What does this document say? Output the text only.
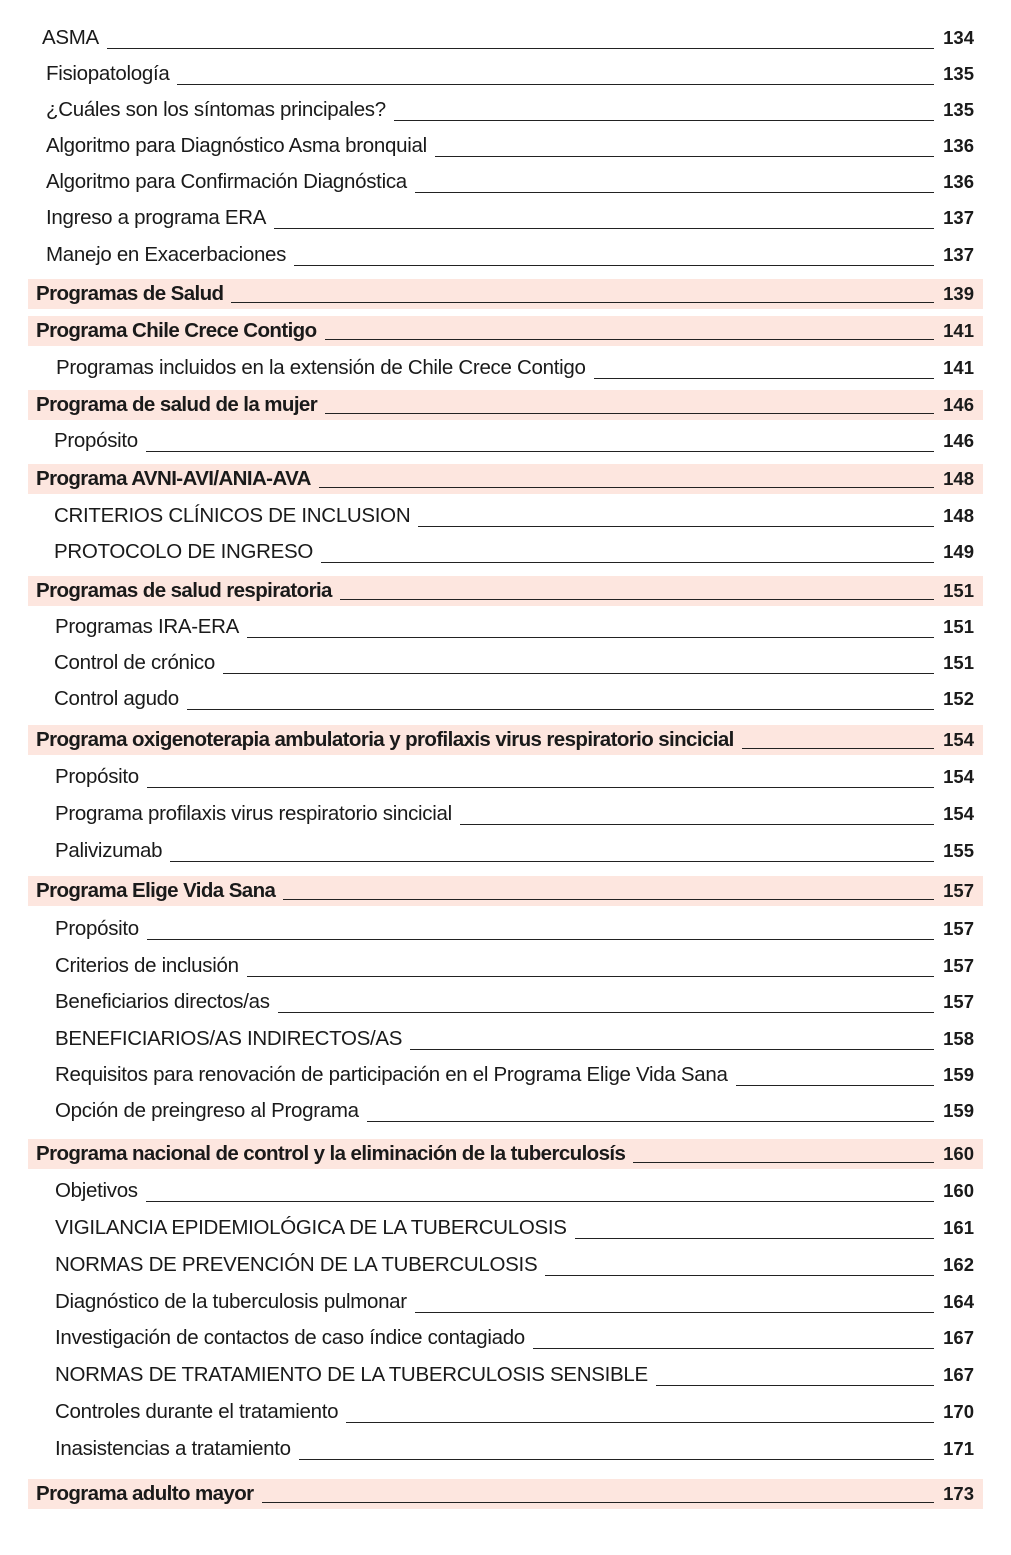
ASMA	134
Fisiopatología	135
¿Cuáles son los síntomas principales?	135
Algoritmo para Diagnóstico Asma bronquial	136
Algoritmo para Confirmación Diagnóstica	136
Ingreso a programa ERA	137
Manejo en Exacerbaciones	137
Programas de Salud	139
Programa Chile Crece Contigo	141
Programas incluidos en la extensión de Chile Crece Contigo	141
Programa de salud de la mujer	146
Propósito	146
Programa AVNI-AVI/ANIA-AVA	148
CRITERIOS CLÍNICOS DE INCLUSION	148
PROTOCOLO DE INGRESO	149
Programas de salud respiratoria	151
Programas IRA-ERA	151
Control de crónico	151
Control agudo	152
Programa oxigenoterapia ambulatoria y profilaxis virus respiratorio sincicial	154
Propósito	154
Programa profilaxis virus respiratorio sincicial	154
Palivizumab	155
Programa Elige Vida Sana	157
Propósito	157
Criterios de inclusión	157
Beneficiarios directos/as	157
BENEFICIARIOS/AS INDIRECTOS/AS	158
Requisitos para renovación de participación en el Programa Elige Vida Sana	159
Opción de preingreso al Programa	159
Programa nacional de control y la eliminación de la tuberculosís	160
Objetivos	160
VIGILANCIA EPIDEMIOLÓGICA DE LA TUBERCULOSIS	161
NORMAS DE PREVENCIÓN DE LA TUBERCULOSIS	162
Diagnóstico de la tuberculosis pulmonar	164
Investigación de contactos de caso índice contagiado	167
NORMAS DE TRATAMIENTO DE LA TUBERCULOSIS SENSIBLE	167
Controles durante el tratamiento	170
Inasistencias a tratamiento	171
Programa adulto mayor	173
